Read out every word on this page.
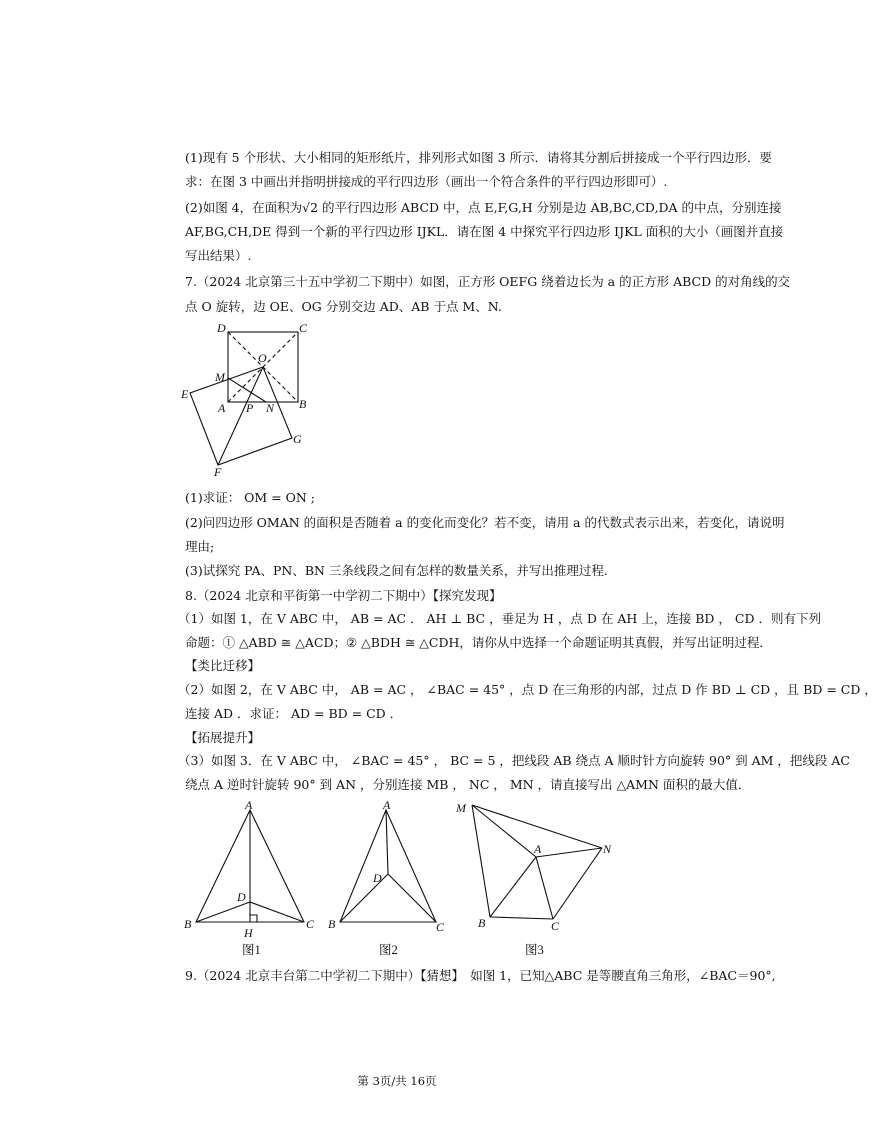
(1)现有 5 个形状、大小相同的矩形纸片，排列形式如图 3 所示．请将其分割后拼接成一个平行四边形．要
求：在图 3 中画出并指明拼接成的平行四边形（画出一个符合条件的平行四边形即可）.
(2)如图 4，在面积为√2 的平行四边形 ABCD 中，点 E,F,G,H 分别是边 AB,BC,CD,DA 的中点，分别连接
AF,BG,CH,DE 得到一个新的平行四边形 IJKL．请在图 4 中探究平行四边形 IJKL 面积的大小（画图并直接
写出结果）.
7.（2024 北京第三十五中学初二下期中）如图，正方形 OEFG 绕着边长为 a 的正方形 ABCD 的对角线的交
点 O 旋转，边 OE、OG 分别交边 AD、AB 于点 M、N.
D	C
O
M
E
A P N B
G
F
(1)求证： OM = ON ;
(2)问四边形 OMAN 的面积是否随着 a 的变化而变化？若不变，请用 a 的代数式表示出来，若变化，请说明
理由;
(3)试探究 PA、PN、BN 三条线段之间有怎样的数量关系，并写出推理过程.
8.（2024 北京和平街第一中学初二下期中）【探究发现】
（1）如图 1，在 V ABC 中， AB = AC ． AH ⊥ BC ，垂足为 H ，点 D 在 AH 上，连接 BD ， CD ．则有下列
命题：① △ABD ≅ △ACD；② △BDH ≅ △CDH，请你从中选择一个命题证明其真假，并写出证明过程．
【类比迁移】
（2）如图 2，在 V ABC 中， AB = AC ， ∠BAC = 45° ，点 D 在三角形的内部，过点 D 作 BD ⊥ CD ，且 BD = CD ，
连接 AD ．求证： AD = BD = CD ．
【拓展提升】
（3）如图 3．在 V ABC 中， ∠BAC = 45° ， BC = 5 ，把线段 AB 绕点 A 顺时针方向旋转 90° 到 AM ，把线段 AC
绕点 A 逆时针旋转 90° 到 AN ，分别连接 MB ， NC ， MN ，请直接写出 △AMN 面积的最大值．
A
B	C
D
H
图1
A
B	C
D
图2
M
A	N
B	C
图3
9.（2024 北京丰台第二中学初二下期中）【猜想】　如图 1，已知△ABC 是等腰直角三角形，∠BAC＝90°,
第 3页/共 16页
